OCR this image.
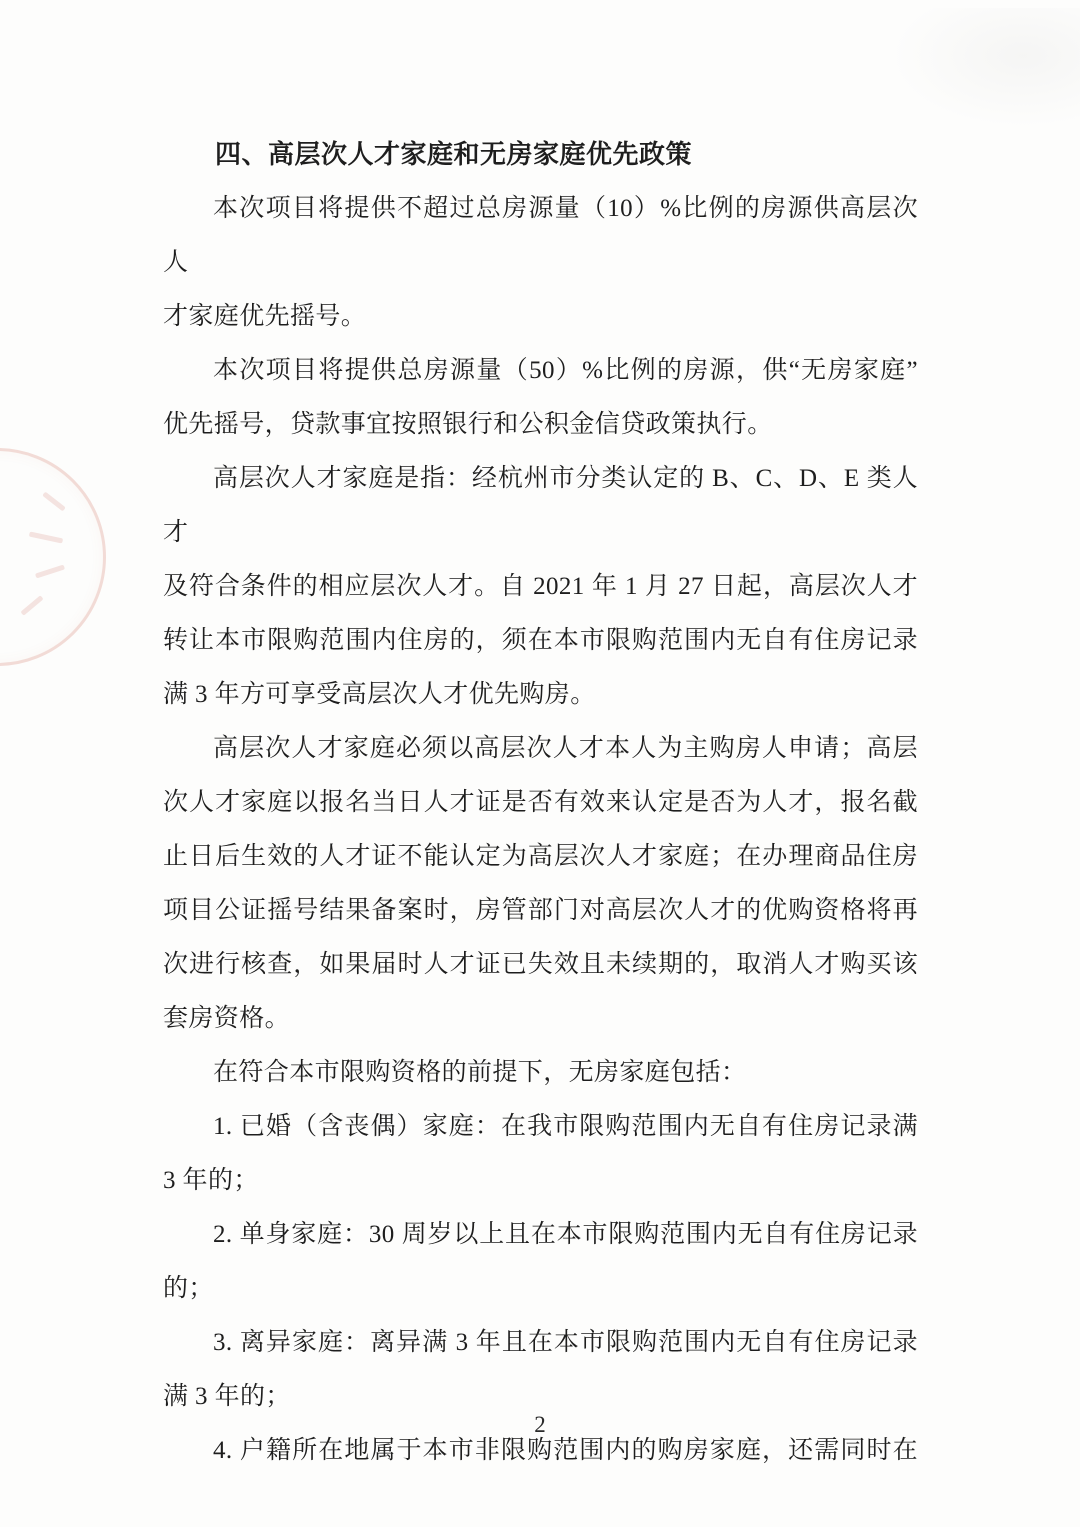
四、高层次人才家庭和无房家庭优先政策
本次项目将提供不超过总房源量（10）%比例的房源供高层次人
才家庭优先摇号。
本次项目将提供总房源量（50）%比例的房源，供“无房家庭”
优先摇号，贷款事宜按照银行和公积金信贷政策执行。
高层次人才家庭是指：经杭州市分类认定的 B、C、D、E 类人才
及符合条件的相应层次人才。自 2021 年 1 月 27 日起，高层次人才
转让本市限购范围内住房的，须在本市限购范围内无自有住房记录
满 3 年方可享受高层次人才优先购房。
高层次人才家庭必须以高层次人才本人为主购房人申请；高层
次人才家庭以报名当日人才证是否有效来认定是否为人才，报名截
止日后生效的人才证不能认定为高层次人才家庭；在办理商品住房
项目公证摇号结果备案时，房管部门对高层次人才的优购资格将再
次进行核查，如果届时人才证已失效且未续期的，取消人才购买该
套房资格。
在符合本市限购资格的前提下，无房家庭包括：
1. 已婚（含丧偶）家庭：在我市限购范围内无自有住房记录满
3 年的；
2. 单身家庭：30 周岁以上且在本市限购范围内无自有住房记录
的；
3. 离异家庭：离异满 3 年且在本市限购范围内无自有住房记录
满 3 年的；
4. 户籍所在地属于本市非限购范围内的购房家庭，还需同时在
2
